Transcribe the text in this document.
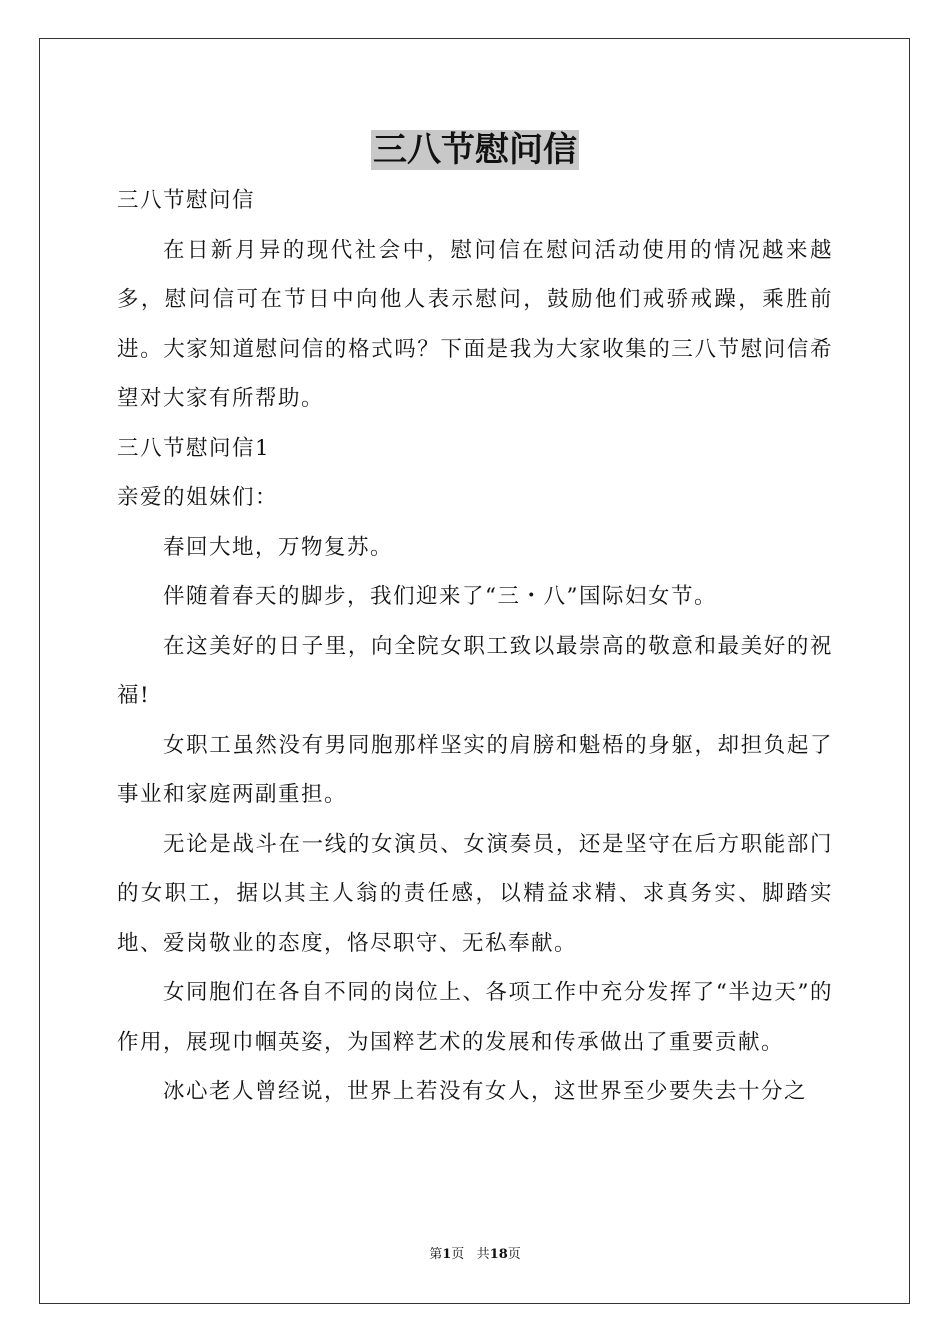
三八节慰问信

三八节慰问信

在日新月异的现代社会中，慰问信在慰问活动使用的情况越来越多，慰问信可在节日中向他人表示慰问，鼓励他们戒骄戒躁，乘胜前进。大家知道慰问信的格式吗？下面是我为大家收集的三八节慰问信希望对大家有所帮助。

三八节慰问信1

亲爱的姐妹们：

春回大地，万物复苏。

伴随着春天的脚步，我们迎来了“三・八”国际妇女节。

在这美好的日子里，向全院女职工致以最崇高的敬意和最美好的祝福!

女职工虽然没有男同胞那样坚实的肩膀和魁梧的身躯，却担负起了事业和家庭两副重担。

无论是战斗在一线的女演员、女演奏员，还是坚守在后方职能部门的女职工，据以其主人翁的责任感，以精益求精、求真务实、脚踏实地、爱岗敬业的态度，恪尽职守、无私奉献。

女同胞们在各自不同的岗位上、各项工作中充分发挥了“半边天”的作用，展现巾帼英姿，为国粹艺术的发展和传承做出了重要贡献。

冰心老人曾经说，世界上若没有女人，这世界至少要失去十分之

第1页 共18页
